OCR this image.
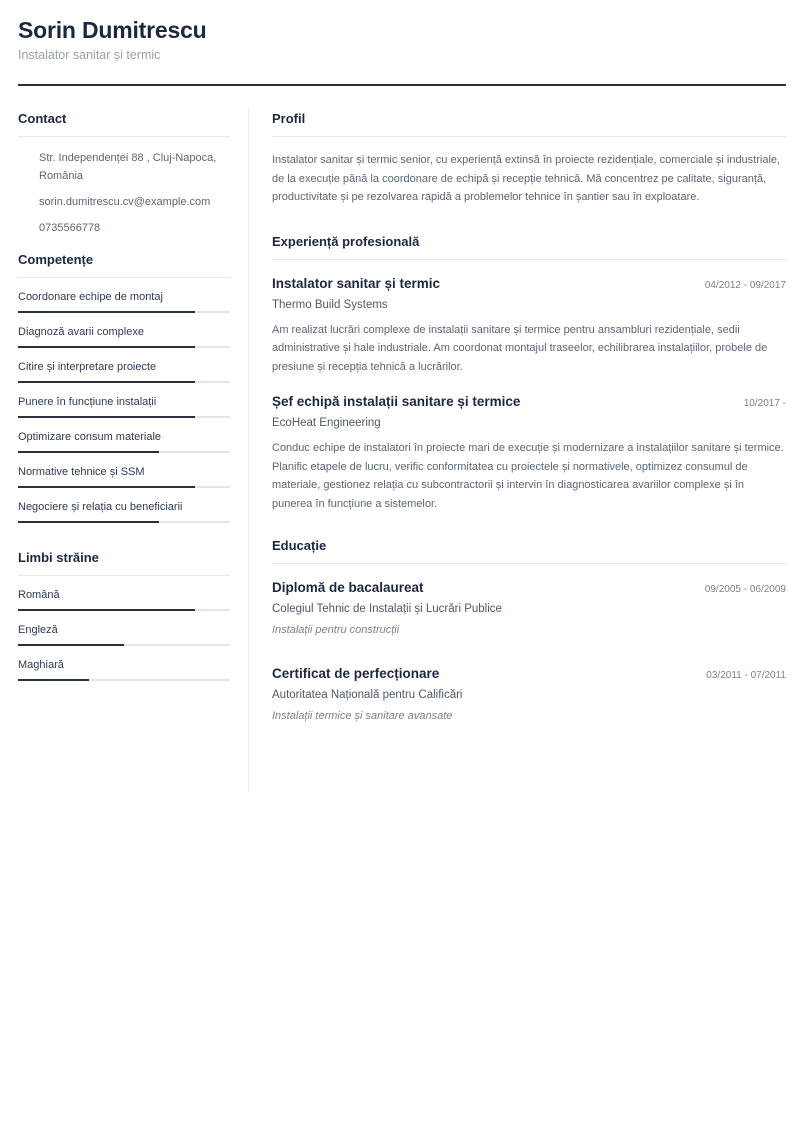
Sorin Dumitrescu
Instalator sanitar și termic
Contact
Str. Independenței 88 , Cluj-Napoca, România
sorin.dumitrescu.cv@example.com
0735566778
Competențe
Coordonare echipe de montaj
Diagnoză avarii complexe
Citire și interpretare proiecte
Punere în funcțiune instalații
Optimizare consum materiale
Normative tehnice și SSM
Negociere și relația cu beneficiarii
Limbi străine
Română
Engleză
Maghiară
Profil
Instalator sanitar și termic senior, cu experiență extinsă în proiecte rezidențiale, comerciale și industriale, de la execuție până la coordonare de echipă și recepție tehnică. Mă concentrez pe calitate, siguranță, productivitate și pe rezolvarea rapidă a problemelor tehnice în șantier sau în exploatare.
Experiență profesională
Instalator sanitar și termic	04/2012 - 09/2017
Thermo Build Systems
Am realizat lucrări complexe de instalații sanitare și termice pentru ansambluri rezidențiale, sedii administrative și hale industriale. Am coordonat montajul traseelor, echilibrarea instalațiilor, probele de presiune și recepția tehnică a lucrărilor.
Șef echipă instalații sanitare și termice	10/2017 -
EcoHeat Engineering
Conduc echipe de instalatori în proiecte mari de execuție și modernizare a instalațiilor sanitare și termice. Planific etapele de lucru, verific conformitatea cu proiectele și normativele, optimizez consumul de materiale, gestionez relația cu subcontractorii și intervin în diagnosticarea avariilor complexe și în punerea în funcțiune a sistemelor.
Educație
Diplomă de bacalaureat	09/2005 - 06/2009
Colegiul Tehnic de Instalații și Lucrări Publice
Instalații pentru construcții
Certificat de perfecționare	03/2011 - 07/2011
Autoritatea Națională pentru Calificări
Instalații termice și sanitare avansate
